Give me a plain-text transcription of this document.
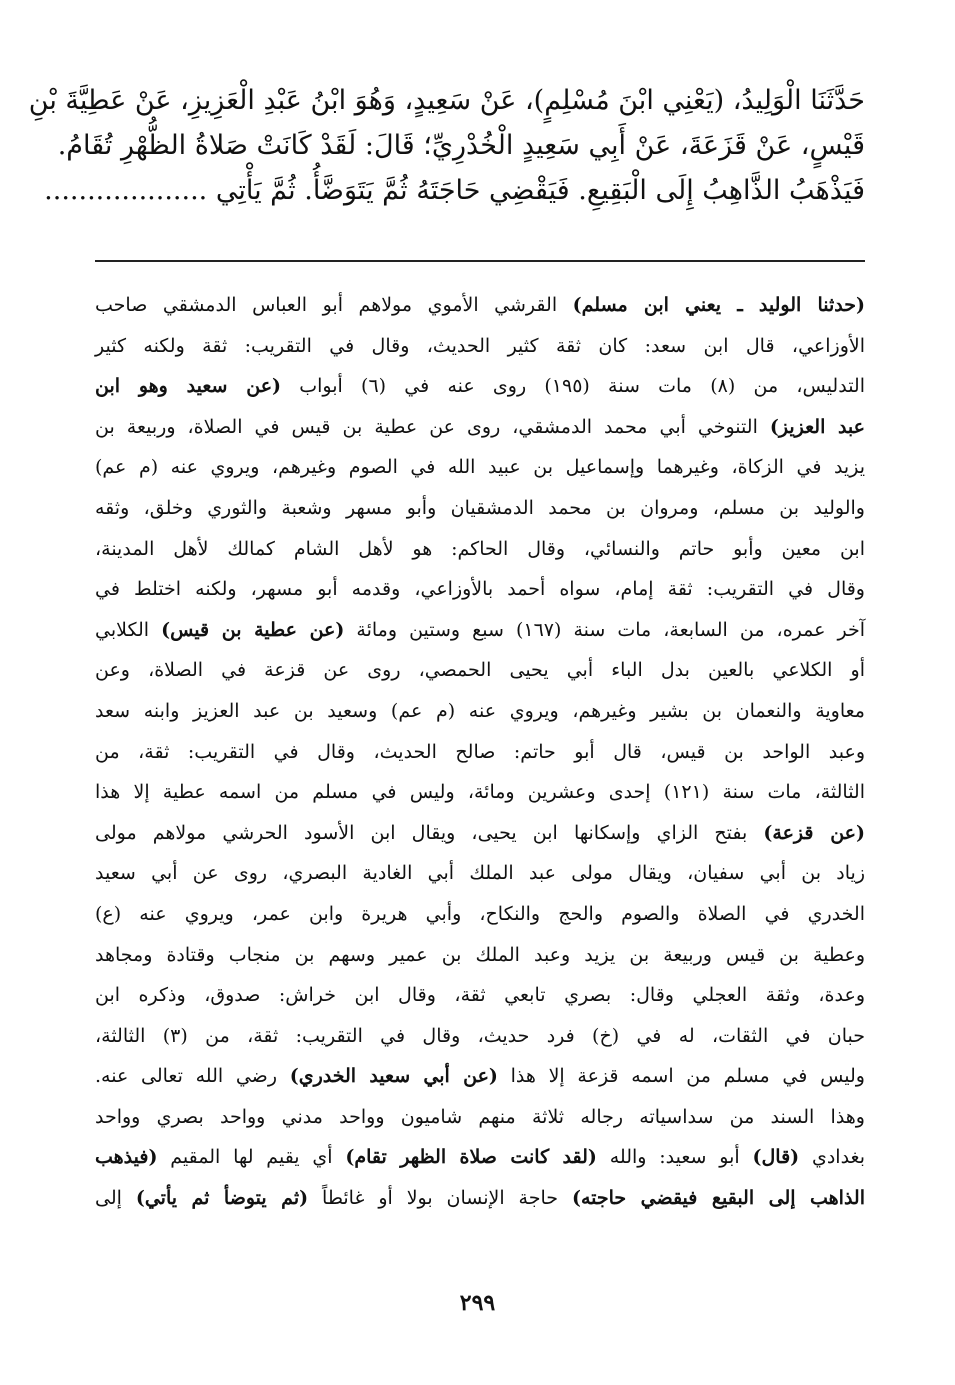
حَدَّثَنَا الْوَلِيدُ، (يَعْنِي ابْنَ مُسْلِمٍ)، عَنْ سَعِيدٍ، وَهُوَ ابْنُ عَبْدِ الْعَزِيزِ، عَنْ عَطِيَّةَ بْنِ
قَيْسٍ، عَنْ قَزَعَةَ، عَنْ أَبِي سَعِيدٍ الْخُدْرِيِّ؛ قَالَ: لَقَدْ كَانَتْ صَلاةُ الظُّهْرِ تُقَامُ.
فَيَذْهَبُ الذَّاهِبُ إِلَى الْبَقِيعِ. فَيَقْضِي حَاجَتَهُ ثُمَّ يَتَوَضَّأُ. ثُمَّ يَأْتِي ...................

(حدثنا الوليد ـ يعني ابن مسلم) القرشي الأموي مولاهم أبو العباس الدمشقي صاحب
الأوزاعي، قال ابن سعد: كان ثقة كثير الحديث، وقال في التقريب: ثقة ولكنه كثير
التدليس، من (٨) مات سنة (١٩٥) روى عنه في (٦) أبواب (عن سعيد وهو ابن
عبد العزيز) التنوخي أبي محمد الدمشقي، روى عن عطية بن قيس في الصلاة، وربيعة بن
يزيد في الزكاة، وغيرهما وإسماعيل بن عبيد الله في الصوم وغيرهم، ويروي عنه (م عم)
والوليد بن مسلم، ومروان بن محمد الدمشقيان وأبو مسهر وشعبة والثوري وخلق، وثقه
ابن معين وأبو حاتم والنسائي، وقال الحاكم: هو لأهل الشام كمالك لأهل المدينة،
وقال في التقريب: ثقة إمام، سواه أحمد بالأوزاعي، وقدمه أبو مسهر، ولكنه اختلط في
آخر عمره، من السابعة، مات سنة (١٦٧) سبع وستين ومائة (عن عطية بن قيس) الكلابي
أو الكلاعي بالعين بدل الباء أبي يحيى الحمصي، روى عن قزعة في الصلاة، وعن
معاوية والنعمان بن بشير وغيرهم، ويروي عنه (م عم) وسعيد بن عبد العزيز وابنه سعد
وعبد الواحد بن قيس، قال أبو حاتم: صالح الحديث، وقال في التقريب: ثقة، من
الثالثة، مات سنة (١٢١) إحدى وعشرين ومائة، وليس في مسلم من اسمه عطية إلا هذا
(عن قزعة) بفتح الزاي وإسكانها ابن يحيى، ويقال ابن الأسود الحرشي مولاهم مولى
زياد بن أبي سفيان، ويقال مولى عبد الملك أبي الغادية البصري، روى عن أبي سعيد
الخدري في الصلاة والصوم والحج والنكاح، وأبي هريرة وابن عمر، ويروي عنه (ع)
وعطية بن قيس وربيعة بن يزيد وعبد الملك بن عمير وسهم بن منجاب وقتادة ومجاهد
وعدة، وثقة العجلي وقال: بصري تابعي ثقة، وقال ابن خراش: صدوق، وذكره ابن
حبان في الثقات، له في (خ) فرد حديث، وقال في التقريب: ثقة، من (٣) الثالثة،
وليس في مسلم من اسمه قزعة إلا هذا (عن أبي سعيد الخدري) رضي الله تعالى عنه.
وهذا السند من سداسياته رجاله ثلاثة منهم شاميون وواحد مدني وواحد بصري وواحد
بغدادي (قال) أبو سعيد: والله (لقد كانت صلاة الظهر تقام) أي يقيم لها المقيم (فيذهب
الذاهب إلى البقيع فيقضي حاجته) حاجة الإنسان بولا أو غائطاً (ثم يتوضأ ثم يأتي) إلى
٢٩٩
